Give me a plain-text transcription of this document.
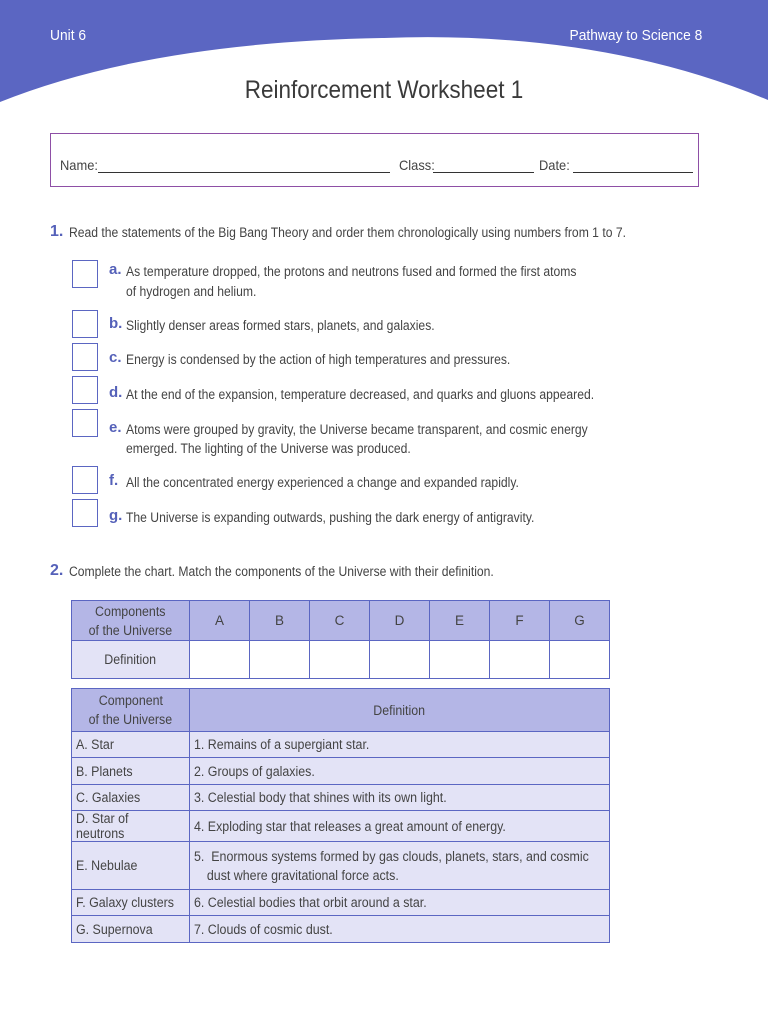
Unit 6	Pathway to Science 8
Reinforcement Worksheet 1
Name:	Class:	Date:
1. Read the statements of the Big Bang Theory and order them chronologically using numbers from 1 to 7.
a. As temperature dropped, the protons and neutrons fused and formed the first atoms
of hydrogen and helium.
b. Slightly denser areas formed stars, planets, and galaxies.
c. Energy is condensed by the action of high temperatures and pressures.
d. At the end of the expansion, temperature decreased, and quarks and gluons appeared.
e. Atoms were grouped by gravity, the Universe became transparent, and cosmic energy
emerged. The lighting of the Universe was produced.
f. All the concentrated energy experienced a change and expanded rapidly.
g. The Universe is expanding outwards, pushing the dark energy of antigravity.
2. Complete the chart. Match the components of the Universe with their definition.
Components
of the Universe	A	B	C	D	E	F	G
Definition							
Component
of the Universe	Definition
A. Star	1. Remains of a supergiant star.
B. Planets	2. Groups of galaxies.
C. Galaxies	3. Celestial body that shines with its own light.
D. Star of neutrons	4. Exploding star that releases a great amount of energy.
E. Nebulae	5.  Enormous systems formed by gas clouds, planets, stars, and cosmic
dust where gravitational force acts.
F. Galaxy clusters	6. Celestial bodies that orbit around a star.
G. Supernova	7. Clouds of cosmic dust.
